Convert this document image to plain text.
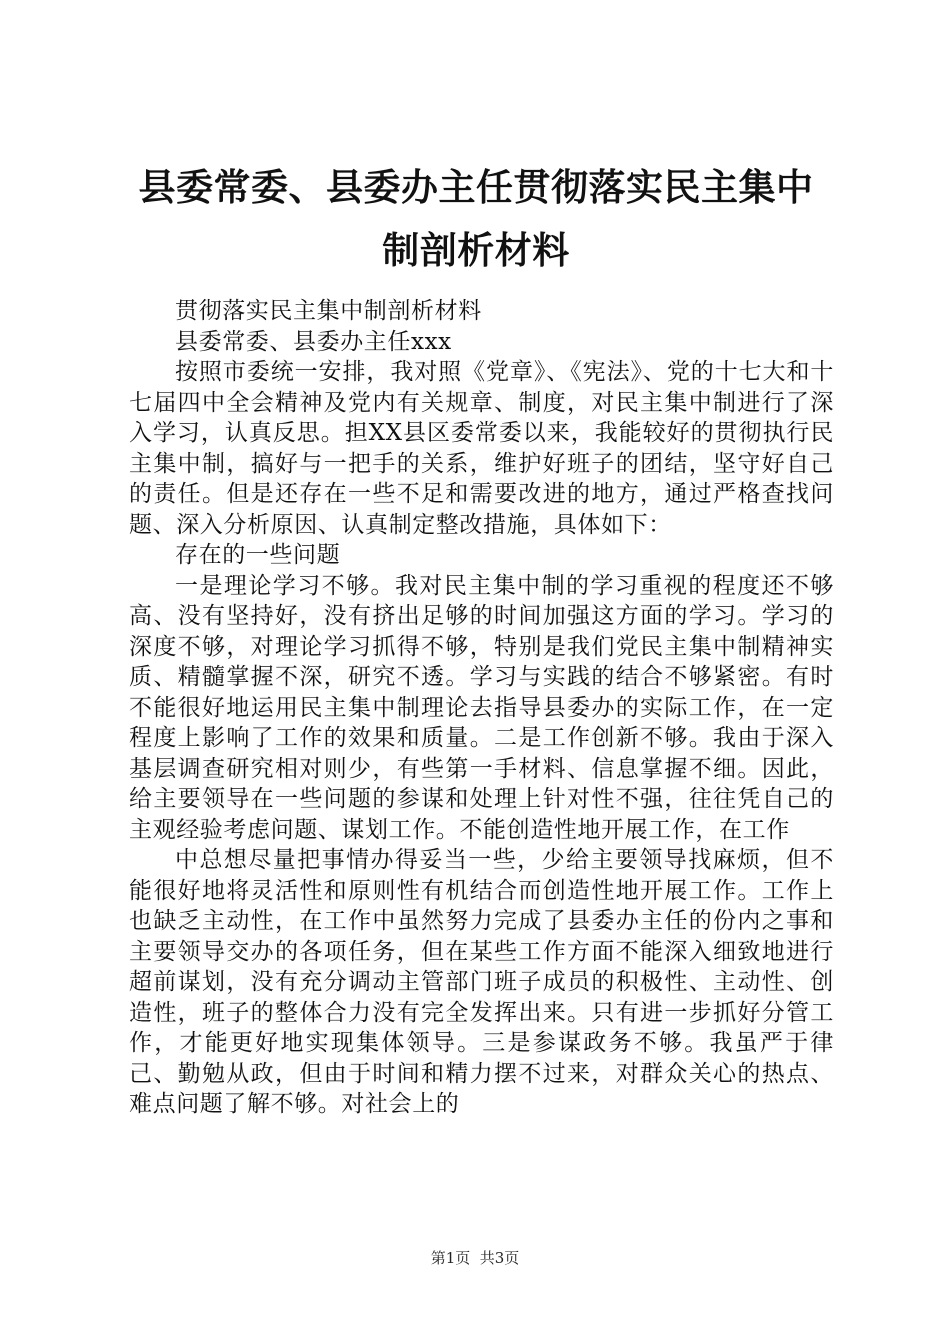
县委常委、县委办主任贯彻落实民主集中制剖析材料

贯彻落实民主集中制剖析材料

县委常委、县委办主任xxx

按照市委统一安排，我对照《党章》、《宪法》、党的十七大和十七届四中全会精神及党内有关规章、制度，对民主集中制进行了深入学习，认真反思。担XX县区委常委以来，我能较好的贯彻执行民主集中制，搞好与一把手的关系，维护好班子的团结，坚守好自己的责任。但是还存在一些不足和需要改进的地方，通过严格查找问题、深入分析原因、认真制定整改措施，具体如下：

存在的一些问题

一是理论学习不够。我对民主集中制的学习重视的程度还不够高、没有坚持好，没有挤出足够的时间加强这方面的学习。学习的深度不够，对理论学习抓得不够，特别是我们党民主集中制精神实质、精髓掌握不深，研究不透。学习与实践的结合不够紧密。有时不能很好地运用民主集中制理论去指导县委办的实际工作，在一定程度上影响了工作的效果和质量。二是工作创新不够。我由于深入基层调查研究相对则少，有些第一手材料、信息掌握不细。因此，给主要领导在一些问题的参谋和处理上针对性不强，往往凭自己的主观经验考虑问题、谋划工作。不能创造性地开展工作，在工作

中总想尽量把事情办得妥当一些，少给主要领导找麻烦，但不能很好地将灵活性和原则性有机结合而创造性地开展工作。工作上也缺乏主动性，在工作中虽然努力完成了县委办主任的份内之事和主要领导交办的各项任务，但在某些工作方面不能深入细致地进行超前谋划，没有充分调动主管部门班子成员的积极性、主动性、创造性，班子的整体合力没有完全发挥出来。只有进一步抓好分管工作，才能更好地实现集体领导。三是参谋政务不够。我虽严于律己、勤勉从政，但由于时间和精力摆不过来，对群众关心的热点、难点问题了解不够。对社会上的

第1页  共3页
